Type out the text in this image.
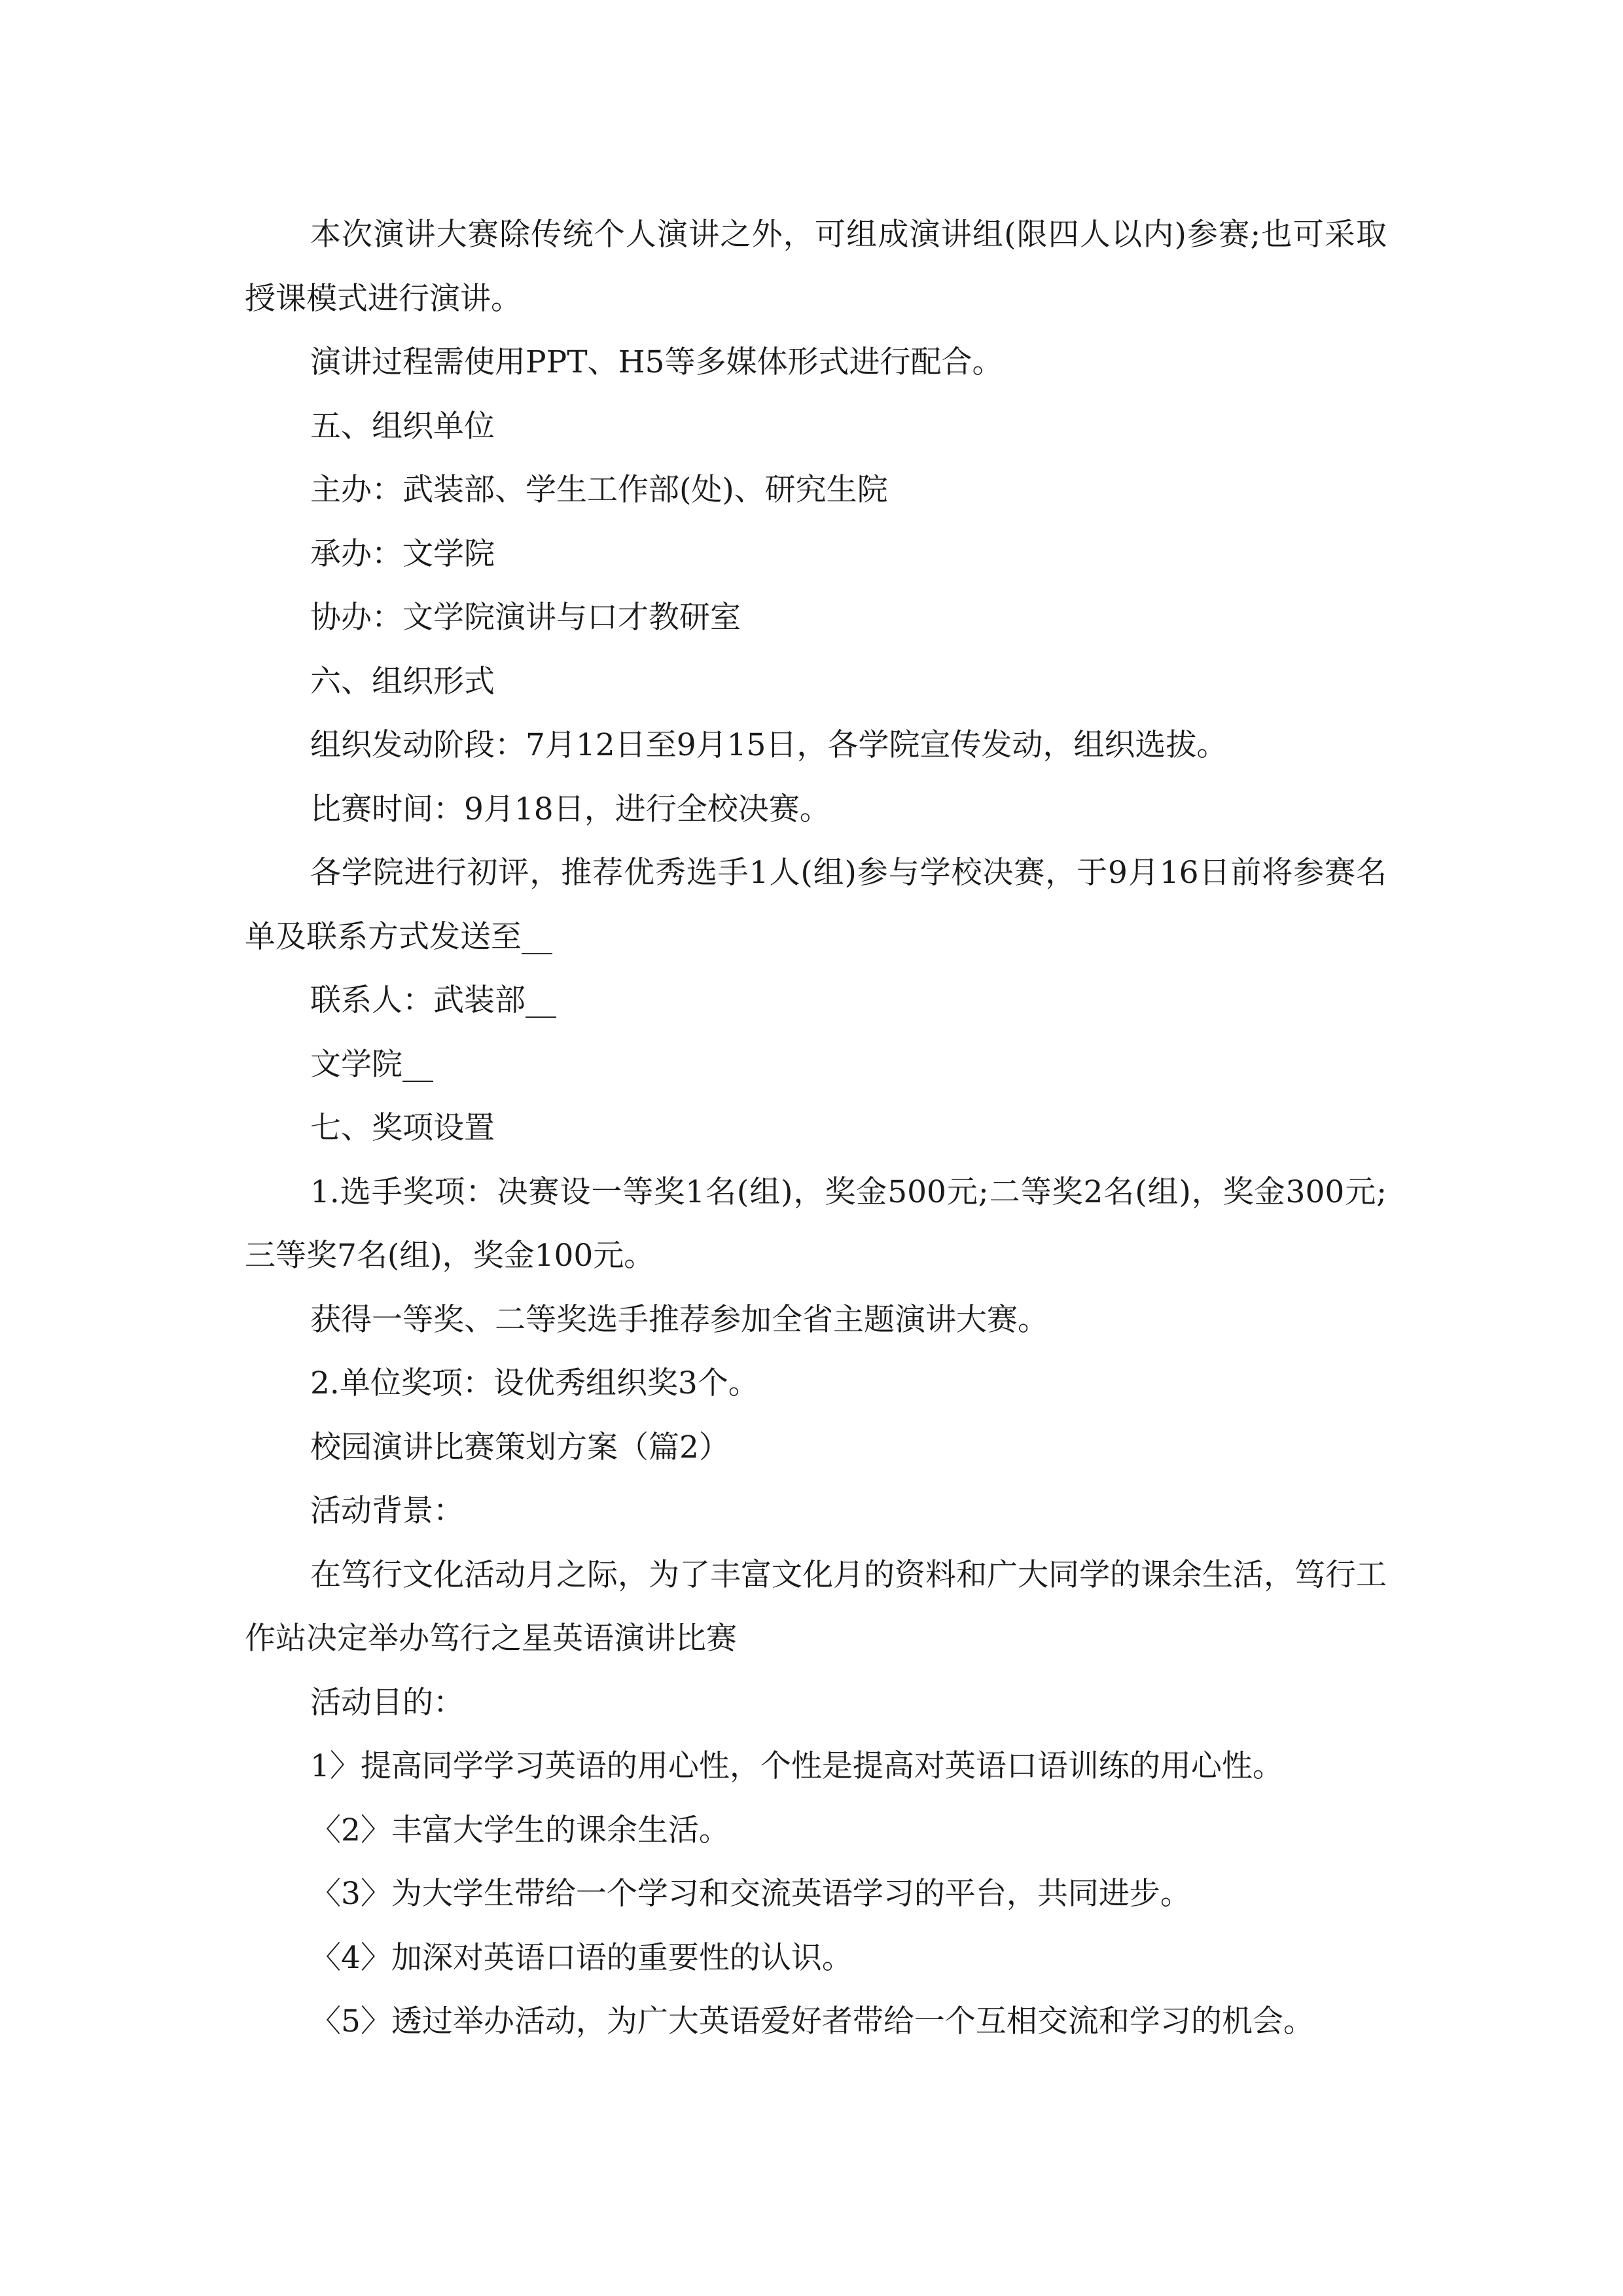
本次演讲大赛除传统个人演讲之外，可组成演讲组(限四人以内)参赛;也可采取授课模式进行演讲。

演讲过程需使用PPT、H5等多媒体形式进行配合。

五、组织单位

主办：武装部、学生工作部(处)、研究生院

承办：文学院

协办：文学院演讲与口才教研室

六、组织形式

组织发动阶段：7月12日至9月15日，各学院宣传发动，组织选拔。

比赛时间：9月18日，进行全校决赛。

各学院进行初评，推荐优秀选手1人(组)参与学校决赛，于9月16日前将参赛名单及联系方式发送至__

联系人：武装部__

文学院__

七、奖项设置

1.选手奖项：决赛设一等奖1名(组)，奖金500元;二等奖2名(组)，奖金300元;三等奖7名(组)，奖金100元。

获得一等奖、二等奖选手推荐参加全省主题演讲大赛。

2.单位奖项：设优秀组织奖3个。

校园演讲比赛策划方案（篇2）

活动背景：

在笃行文化活动月之际，为了丰富文化月的资料和广大同学的课余生活，笃行工作站决定举办笃行之星英语演讲比赛

活动目的：

1〉提高同学学习英语的用心性，个性是提高对英语口语训练的用心性。

〈2〉丰富大学生的课余生活。

〈3〉为大学生带给一个学习和交流英语学习的平台，共同进步。

〈4〉加深对英语口语的重要性的认识。

〈5〉透过举办活动，为广大英语爱好者带给一个互相交流和学习的机会。
